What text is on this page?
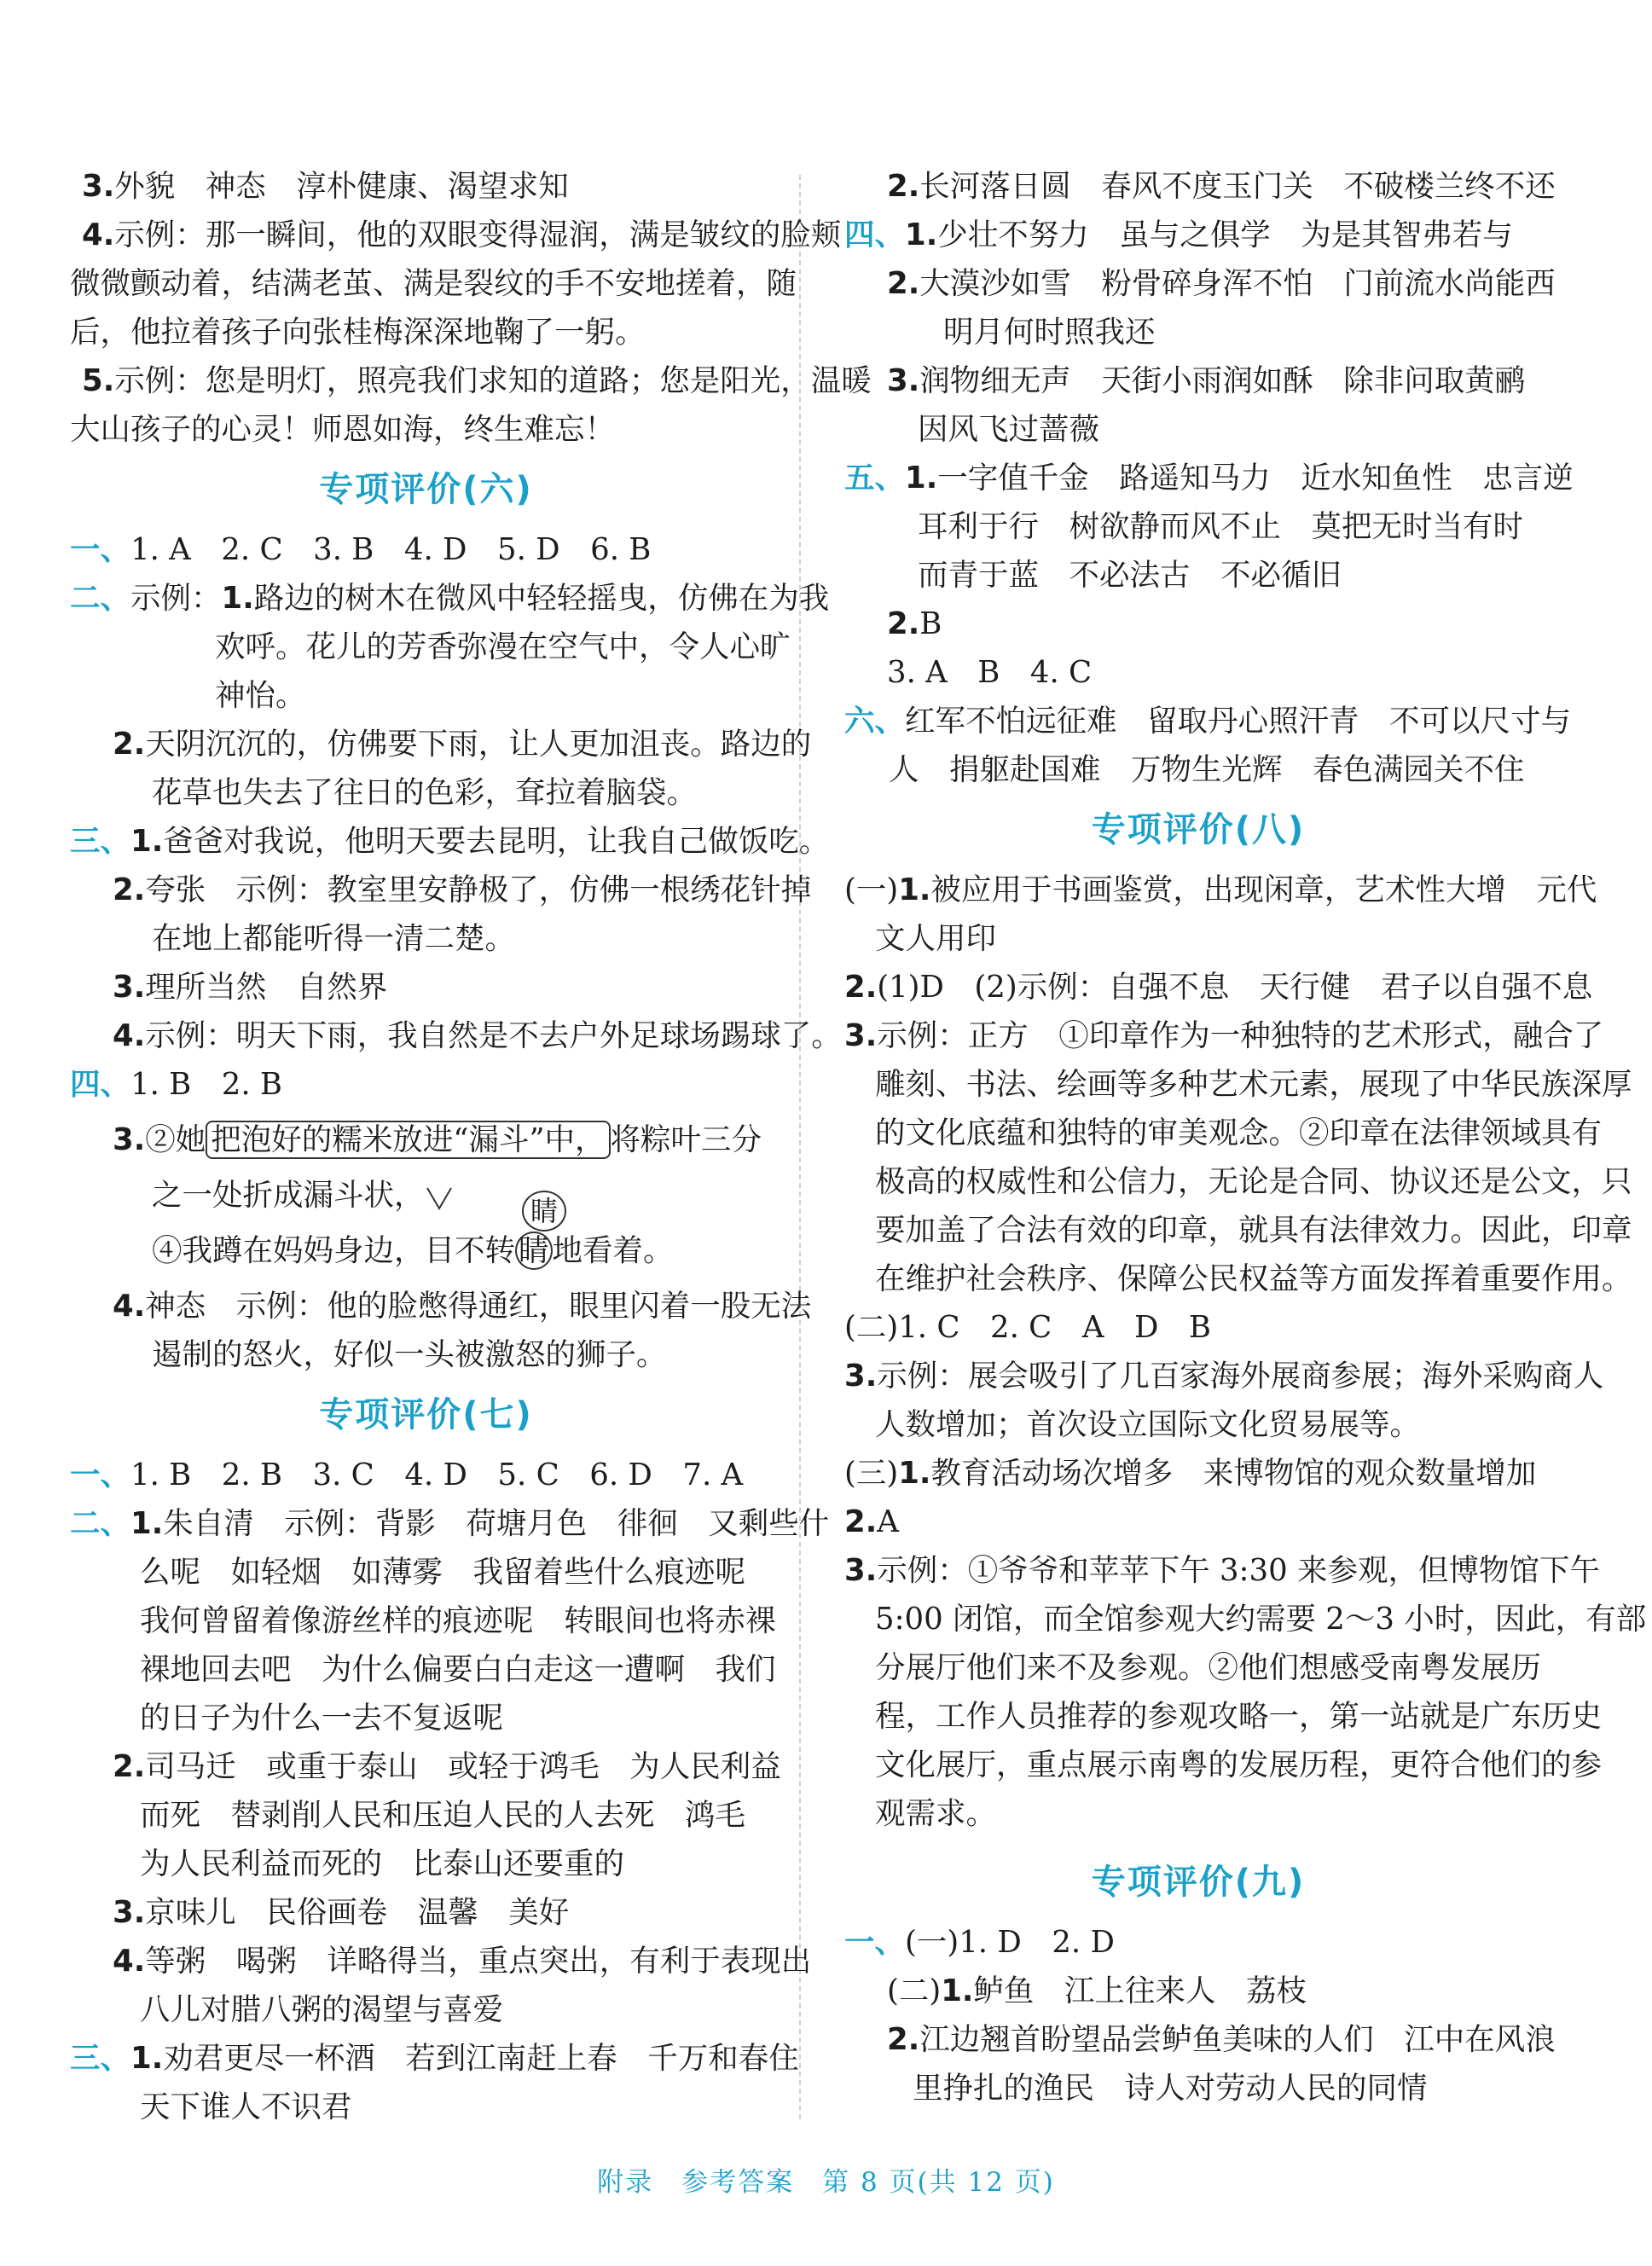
3.外貌　神态　淳朴健康、渴望求知
4.示例：那一瞬间，他的双眼变得湿润，满是皱纹的脸颊
微微颤动着，结满老茧、满是裂纹的手不安地搓着，随
后，他拉着孩子向张桂梅深深地鞠了一躬。
5.示例：您是明灯，照亮我们求知的道路；您是阳光，温暖
大山孩子的心灵！师恩如海，终生难忘！
专项评价(六)
一、1. A　2. C　3. B　4. D　5. D　6. B
二、示例：1.路边的树木在微风中轻轻摇曳，仿佛在为我
欢呼。花儿的芳香弥漫在空气中，令人心旷
神怡。
2.天阴沉沉的，仿佛要下雨，让人更加沮丧。路边的
花草也失去了往日的色彩，耷拉着脑袋。
三、1.爸爸对我说，他明天要去昆明，让我自己做饭吃。
2.夸张　示例：教室里安静极了，仿佛一根绣花针掉
在地上都能听得一清二楚。
3.理所当然　自然界
4.示例：明天下雨，我自然是不去户外足球场踢球了。
四、1. B　2. B
3.②她 把泡好的糯米放进“漏斗”中， 将粽叶三分
之一处折成漏斗状，
④我蹲在妈妈身边，目不转 睛
睛
地看着。
4.神态　示例：他的脸憋得通红，眼里闪着一股无法
遏制的怒火，好似一头被激怒的狮子。
专项评价(七)
一、1. B　2. B　3. C　4. D　5. C　6. D　7. A
二、1.朱自清　示例：背影　荷塘月色　徘徊　又剩些什
么呢　如轻烟　如薄雾　我留着些什么痕迹呢
我何曾留着像游丝样的痕迹呢　转眼间也将赤裸
裸地回去吧　为什么偏要白白走这一遭啊　我们
的日子为什么一去不复返呢
2.司马迁　或重于泰山　或轻于鸿毛　为人民利益
而死　替剥削人民和压迫人民的人去死　鸿毛
为人民利益而死的　比泰山还要重的
3.京味儿　民俗画卷　温馨　美好
4.等粥　喝粥　详略得当，重点突出，有利于表现出
八儿对腊八粥的渴望与喜爱
三、1.劝君更尽一杯酒　若到江南赶上春　千万和春住
天下谁人不识君
2.长河落日圆　春风不度玉门关　不破楼兰终不还
四、1.少壮不努力　虽与之俱学　为是其智弗若与
2.大漠沙如雪　粉骨碎身浑不怕　门前流水尚能西
明月何时照我还
3.润物细无声　天街小雨润如酥　除非问取黄鹂
因风飞过蔷薇
五、1.一字值千金　路遥知马力　近水知鱼性　忠言逆
耳利于行　树欲静而风不止　莫把无时当有时
而青于蓝　不必法古　不必循旧
2.B
3. A　B　4. C
六、红军不怕远征难　留取丹心照汗青　不可以尺寸与
人　捐躯赴国难　万物生光辉　春色满园关不住
专项评价(八)
(一)1.被应用于书画鉴赏，出现闲章，艺术性大增　元代
文人用印
2.(1)D　(2)示例：自强不息　天行健　君子以自强不息
3.示例：正方　①印章作为一种独特的艺术形式，融合了
雕刻、书法、绘画等多种艺术元素，展现了中华民族深厚
的文化底蕴和独特的审美观念。②印章在法律领域具有
极高的权威性和公信力，无论是合同、协议还是公文，只
要加盖了合法有效的印章，就具有法律效力。因此，印章
在维护社会秩序、保障公民权益等方面发挥着重要作用。
(二)1. C　2. C　A　D　B
3.示例：展会吸引了几百家海外展商参展；海外采购商人
人数增加；首次设立国际文化贸易展等。
(三)1.教育活动场次增多　来博物馆的观众数量增加
2.A
3.示例：①爷爷和苹苹下午 3:30 来参观，但博物馆下午
5:00 闭馆，而全馆参观大约需要 2～3 小时，因此，有部
分展厅他们来不及参观。②他们想感受南粤发展历
程，工作人员推荐的参观攻略一，第一站就是广东历史
文化展厅，重点展示南粤的发展历程，更符合他们的参
观需求。
专项评价(九)
一、(一)1. D　2. D
(二)1.鲈鱼　江上往来人　荔枝
2.江边翘首盼望品尝鲈鱼美味的人们　江中在风浪
里挣扎的渔民　诗人对劳动人民的同情
附录　参考答案　第 8 页(共 12 页)
